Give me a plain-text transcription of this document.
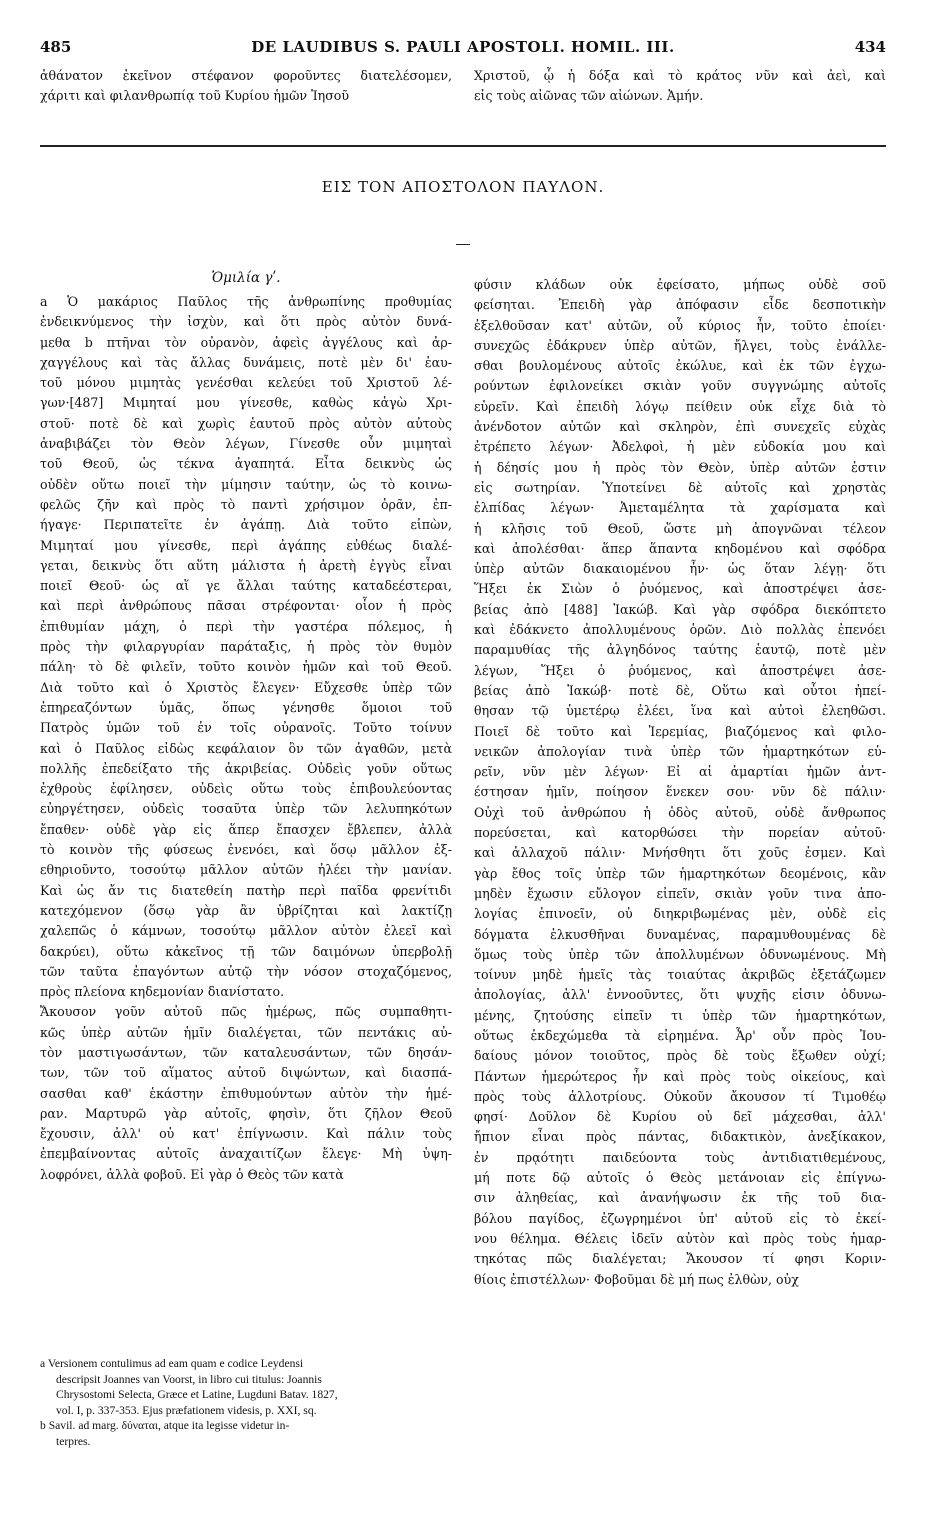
485	DE LAUDIBUS S. PAULI APOSTOLI. HOMIL. III.	434
ἀθάνατον ἐκεῖνον στέφανον φοροῦντες διατελέσομεν,
χάριτι καὶ φιλανθρωπίᾳ τοῦ Κυρίου ἡμῶν Ἰησοῦ
Χριστοῦ, ᾧ ἡ δόξα καὶ τὸ κράτος νῦν καὶ ἀεὶ, καὶ
εἰς τοὺς αἰῶνας τῶν αἰώνων. Ἀμήν.
ΕΙΣ ΤΟΝ ΑΠΟΣΤΟΛΟΝ ΠΑΥΛΟΝ.
Ὁμιλία γʹ.
a Ὁ μακάριος Παῦλος τῆς ἀνθρωπίνης προθυμίας
ἐνδεικνύμενος τὴν ἰσχὺν, καὶ ὅτι πρὸς αὐτὸν δυνά-
μεθα b πτῆναι τὸν οὐρανὸν, ἀφεὶς ἀγγέλους καὶ ἀρ-
χαγγέλους καὶ τὰς ἄλλας δυνάμεις, ποτὲ μὲν δι' ἑαυ-
τοῦ μόνου μιμητὰς γενέσθαι κελεύει τοῦ Χριστοῦ λέ-
γων·[487] Μιμηταί μου γίνεσθε, καθὼς κἀγὼ Χρι-
στοῦ· ποτὲ δὲ καὶ χωρὶς ἑαυτοῦ πρὸς αὐτὸν αὐτοὺς
ἀναβιβάζει τὸν Θεὸν λέγων, Γίνεσθε οὖν μιμηταὶ
τοῦ Θεοῦ, ὡς τέκνα ἀγαπητά. Εἶτα δεικνὺς ὡς
οὐδὲν οὕτω ποιεῖ τὴν μίμησιν ταύτην, ὡς τὸ κοινω-
φελῶς ζῆν καὶ πρὸς τὸ παντὶ χρήσιμον ὁρᾶν, ἐπ-
ήγαγε· Περιπατεῖτε ἐν ἀγάπῃ. Διὰ τοῦτο εἰπὼν,
Μιμηταί μου γίνεσθε, περὶ ἀγάπης εὐθέως διαλέ-
γεται, δεικνὺς ὅτι αὕτη μάλιστα ἡ ἀρετὴ ἐγγὺς εἶναι
ποιεῖ Θεοῦ· ὡς αἵ γε ἄλλαι ταύτης καταδεέστεραι,
καὶ περὶ ἀνθρώπους πᾶσαι στρέφονται· οἷον ἡ πρὸς
ἐπιθυμίαν μάχη, ὁ περὶ τὴν γαστέρα πόλεμος, ἡ
πρὸς τὴν φιλαργυρίαν παράταξις, ἡ πρὸς τὸν θυμὸν
πάλη· τὸ δὲ φιλεῖν, τοῦτο κοινὸν ἡμῶν καὶ τοῦ Θεοῦ.
Διὰ τοῦτο καὶ ὁ Χριστὸς ἔλεγεν· Εὔχεσθε ὑπὲρ τῶν
ἐπηρεαζόντων ὑμᾶς, ὅπως γένησθε ὅμοιοι τοῦ
Πατρὸς ὑμῶν τοῦ ἐν τοῖς οὐρανοῖς. Τοῦτο τοίνυν
καὶ ὁ Παῦλος εἰδὼς κεφάλαιον ὂν τῶν ἀγαθῶν, μετὰ
πολλῆς ἐπεδείξατο τῆς ἀκριβείας. Οὐδεὶς γοῦν οὕτως
ἐχθροὺς ἐφίλησεν, οὐδεὶς οὕτω τοὺς ἐπιβουλεύοντας
εὐηργέτησεν, οὐδεὶς τοσαῦτα ὑπὲρ τῶν λελυπηκότων
ἔπαθεν· οὐδὲ γὰρ εἰς ἅπερ ἔπασχεν ἔβλεπεν, ἀλλὰ
τὸ κοινὸν τῆς φύσεως ἐνενόει, καὶ ὅσῳ μᾶλλον ἐξ-
εθηριοῦντο, τοσούτῳ μᾶλλον αὐτῶν ἠλέει τὴν μανίαν.
Καὶ ὡς ἄν τις διατεθείη πατὴρ περὶ παῖδα φρενίτιδι
κατεχόμενον (ὅσῳ γὰρ ἂν ὑβρίζηται καὶ λακτίζῃ
χαλεπῶς ὁ κάμνων, τοσούτῳ μᾶλλον αὐτὸν ἐλεεῖ καὶ
δακρύει), οὕτω κἀκεῖνος τῇ τῶν δαιμόνων ὑπερβολῇ
τῶν ταῦτα ἐπαγόντων αὐτῷ τὴν νόσον στοχαζόμενος,
πρὸς πλείονα κηδεμονίαν διανίστατο.
Ἄκουσον γοῦν αὐτοῦ πῶς ἡμέρως, πῶς συμπαθητι-
κῶς ὑπὲρ αὐτῶν ἡμῖν διαλέγεται, τῶν πεντάκις αὐ-
τὸν μαστιγωσάντων, τῶν καταλευσάντων, τῶν δησάν-
των, τῶν τοῦ αἵματος αὐτοῦ διψώντων, καὶ διασπά-
σασθαι καθ' ἑκάστην ἐπιθυμούντων αὐτὸν τὴν ἡμέ-
ραν. Μαρτυρῶ γὰρ αὐτοῖς, φησὶν, ὅτι ζῆλον Θεοῦ
ἔχουσιν, ἀλλ' οὐ κατ' ἐπίγνωσιν. Καὶ πάλιν τοὺς
ἐπεμβαίνοντας αὐτοῖς ἀναχαιτίζων ἔλεγε· Μὴ ὑψη-
λοφρόνει, ἀλλὰ φοβοῦ. Εἰ γὰρ ὁ Θεὸς τῶν κατὰ
φύσιν κλάδων οὐκ ἐφείσατο, μήπως οὐδὲ σοῦ
φείσηται. Ἐπειδὴ γὰρ ἀπόφασιν εἶδε δεσποτικὴν
ἐξελθοῦσαν κατ' αὐτῶν, οὗ κύριος ἦν, τοῦτο ἐποίει·
συνεχῶς ἐδάκρυεν ὑπὲρ αὐτῶν, ἤλγει, τοὺς ἐνάλλε-
σθαι βουλομένους αὐτοῖς ἐκώλυε, καὶ ἐκ τῶν ἐγχω-
ρούντων ἐφιλονείκει σκιὰν γοῦν συγγνώμης αὐτοῖς
εὑρεῖν. Καὶ ἐπειδὴ λόγῳ πείθειν οὐκ εἶχε διὰ τὸ
ἀνένδοτον αὐτῶν καὶ σκληρὸν, ἐπὶ συνεχεῖς εὐχὰς
ἐτρέπετο λέγων· Ἀδελφοὶ, ἡ μὲν εὐδοκία μου καὶ
ἡ δέησίς μου ἡ πρὸς τὸν Θεὸν, ὑπὲρ αὐτῶν ἐστιν
εἰς σωτηρίαν. Ὑποτείνει δὲ αὐτοῖς καὶ χρηστὰς
ἐλπίδας λέγων· Ἀμεταμέλητα τὰ χαρίσματα καὶ
ἡ κλῆσις τοῦ Θεοῦ, ὥστε μὴ ἀπογνῶναι τέλεον
καὶ ἀπολέσθαι· ἅπερ ἅπαντα κηδομένου καὶ σφόδρα
ὑπὲρ αὐτῶν διακαιομένου ἦν· ὡς ὅταν λέγῃ· ὅτι
Ἥξει ἐκ Σιὼν ὁ ῥυόμενος, καὶ ἀποστρέψει ἀσε-
βείας ἀπὸ [488] Ἰακώβ. Καὶ γὰρ σφόδρα διεκόπτετο
καὶ ἐδάκνετο ἀπολλυμένους ὁρῶν. Διὸ πολλὰς ἐπενόει
παραμυθίας τῆς ἀλγηδόνος ταύτης ἑαυτῷ, ποτὲ μὲν
λέγων, Ἥξει ὁ ῥυόμενος, καὶ ἀποστρέψει ἀσε-
βείας ἀπὸ Ἰακώβ· ποτὲ δὲ, Οὕτω καὶ οὗτοι ἠπεί-
θησαν τῷ ὑμετέρῳ ἐλέει, ἵνα καὶ αὐτοὶ ἐλεηθῶσι.
Ποιεῖ δὲ τοῦτο καὶ Ἱερεμίας, βιαζόμενος καὶ φιλο-
νεικῶν ἀπολογίαν τινὰ ὑπὲρ τῶν ἡμαρτηκότων εὑ-
ρεῖν, νῦν μὲν λέγων· Εἰ αἱ ἁμαρτίαι ἡμῶν ἀντ-
έστησαν ἡμῖν, ποίησον ἕνεκεν σου· νῦν δὲ πάλιν·
Οὐχὶ τοῦ ἀνθρώπου ἡ ὁδὸς αὐτοῦ, οὐδὲ ἄνθρωπος
πορεύσεται, καὶ κατορθώσει τὴν πορείαν αὐτοῦ·
καὶ ἀλλαχοῦ πάλιν· Μνήσθητι ὅτι χοῦς ἐσμεν. Καὶ
γὰρ ἔθος τοῖς ὑπὲρ τῶν ἡμαρτηκότων δεομένοις, κἂν
μηδὲν ἔχωσιν εὔλογον εἰπεῖν, σκιὰν γοῦν τινα ἀπο-
λογίας ἐπινοεῖν, οὐ διηκριβωμένας μὲν, οὐδὲ εἰς
δόγματα ἑλκυσθῆναι δυναμένας, παραμυθουμένας δὲ
ὅμως τοὺς ὑπὲρ τῶν ἀπολλυμένων ὀδυνωμένους. Μὴ
τοίνυν μηδὲ ἡμεῖς τὰς τοιαύτας ἀκριβῶς ἐξετάζωμεν
ἀπολογίας, ἀλλ' ἐννοοῦντες, ὅτι ψυχῆς εἰσιν ὀδυνω-
μένης, ζητούσης εἰπεῖν τι ὑπὲρ τῶν ἡμαρτηκότων,
οὕτως ἐκδεχώμεθα τὰ εἰρημένα. Ἆρ' οὖν πρὸς Ἰου-
δαίους μόνον τοιοῦτος, πρὸς δὲ τοὺς ἔξωθεν οὐχί;
Πάντων ἡμερώτερος ἦν καὶ πρὸς τοὺς οἰκείους, καὶ
πρὸς τοὺς ἀλλοτρίους. Οὐκοῦν ἄκουσον τί Τιμοθέῳ
φησί· Δοῦλον δὲ Κυρίου οὐ δεῖ μάχεσθαι, ἀλλ'
ἤπιον εἶναι πρὸς πάντας, διδακτικὸν, ἀνεξίκακον,
ἐν πρᾳότητι παιδεύοντα τοὺς ἀντιδιατιθεμένους,
μή ποτε δῷ αὐτοῖς ὁ Θεὸς μετάνοιαν εἰς ἐπίγνω-
σιν ἀληθείας, καὶ ἀνανήψωσιν ἐκ τῆς τοῦ δια-
βόλου παγίδος, ἐζωγρημένοι ὑπ' αὐτοῦ εἰς τὸ ἐκεί-
νου θέλημα. Θέλεις ἰδεῖν αὐτὸν καὶ πρὸς τοὺς ἡμαρ-
τηκότας πῶς διαλέγεται; Ἄκουσον τί φησι Κοριν-
θίοις ἐπιστέλλων· Φοβοῦμαι δὲ μή πως ἐλθὼν, οὐχ
a Versionem contulimus ad eam quam e codice Leydensi
descripsit Joannes van Voorst, in libro cui titulus: Joannis
Chrysostomi Selecta, Græce et Latine, Lugduni Batav. 1827,
vol. I, p. 337-353. Ejus præfationem videsis, p. XXI, sq.
b Savil. ad marg. δύναται, atque ita legisse videtur in-
terpres.
